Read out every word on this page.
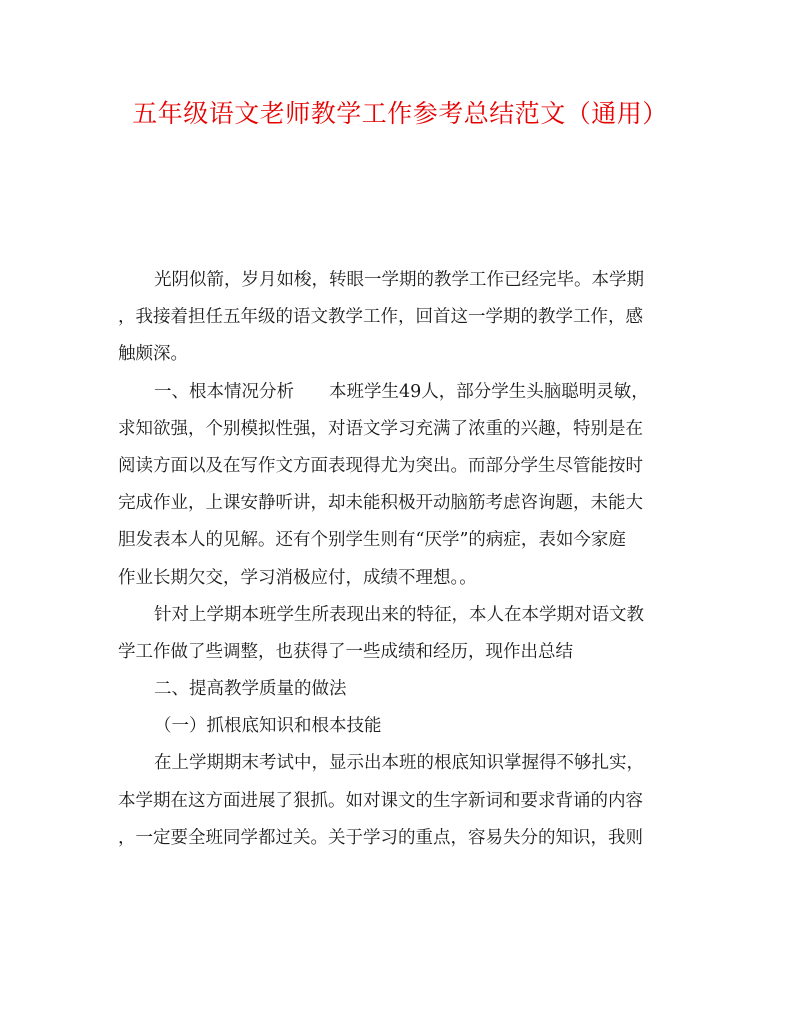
五年级语文老师教学工作参考总结范文（通用）
光阴似箭，岁月如梭，转眼一学期的教学工作已经完毕。本学期
，我接着担任五年级的语文教学工作，回首这一学期的教学工作，感
触颇深。
一、根本情况分析　　本班学生49人，部分学生头脑聪明灵敏，
求知欲强，个别模拟性强，对语文学习充满了浓重的兴趣，特别是在
阅读方面以及在写作文方面表现得尤为突出。而部分学生尽管能按时
完成作业，上课安静听讲，却未能积极开动脑筋考虑咨询题，未能大
胆发表本人的见解。还有个别学生则有“厌学”的病症，表如今家庭
作业长期欠交，学习消极应付，成绩不理想。。
针对上学期本班学生所表现出来的特征，本人在本学期对语文教
学工作做了些调整，也获得了一些成绩和经历，现作出总结
二、提高教学质量的做法
（一）抓根底知识和根本技能
在上学期期末考试中，显示出本班的根底知识掌握得不够扎实，
本学期在这方面进展了狠抓。如对课文的生字新词和要求背诵的内容
，一定要全班同学都过关。关于学习的重点，容易失分的知识，我则
